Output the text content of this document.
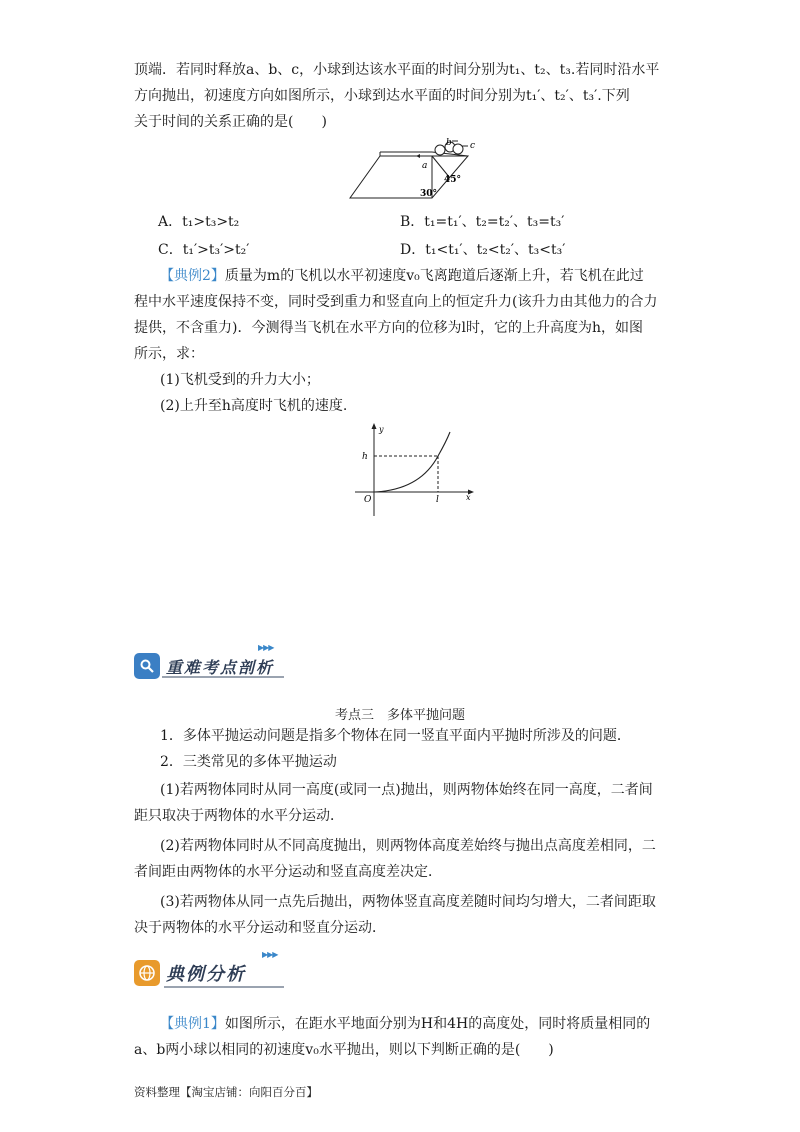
顶端．若同时释放a、b、c，小球到达该水平面的时间分别为t₁、t₂、t₃.若同时沿水平
方向抛出，初速度方向如图所示，小球到达水平面的时间分别为t₁′、t₂′、t₃′.下列
关于时间的关系正确的是(　　)
b c
a
30°
45°
A．t₁>t₃>t₂	B．t₁=t₁′、t₂=t₂′、t₃=t₃′
C．t₁′>t₃′>t₂′	D．t₁<t₁′、t₂<t₂′、t₃<t₃′
【典例2】质量为m的飞机以水平初速度v₀飞离跑道后逐渐上升，若飞机在此过
程中水平速度保持不变，同时受到重力和竖直向上的恒定升力(该升力由其他力的合力
提供，不含重力)．今测得当飞机在水平方向的位移为l时，它的上升高度为h，如图
所示，求：
(1)飞机受到的升力大小；
(2)上升至h高度时飞机的速度.
y
x
h
l
O
重难考点剖析
▶▶▶
考点三　多体平抛问题
1．多体平抛运动问题是指多个物体在同一竖直平面内平抛时所涉及的问题．
2．三类常见的多体平抛运动
(1)若两物体同时从同一高度(或同一点)抛出，则两物体始终在同一高度，二者间
距只取决于两物体的水平分运动．
(2)若两物体同时从不同高度抛出，则两物体高度差始终与抛出点高度差相同，二
者间距由两物体的水平分运动和竖直高度差决定．
(3)若两物体从同一点先后抛出，两物体竖直高度差随时间均匀增大，二者间距取
决于两物体的水平分运动和竖直分运动．
典例分析
▶▶▶
【典例1】如图所示，在距水平地面分别为H和4H的高度处，同时将质量相同的
a、b两小球以相同的初速度v₀水平抛出，则以下判断正确的是(　　)
资料整理【淘宝店铺：向阳百分百】
